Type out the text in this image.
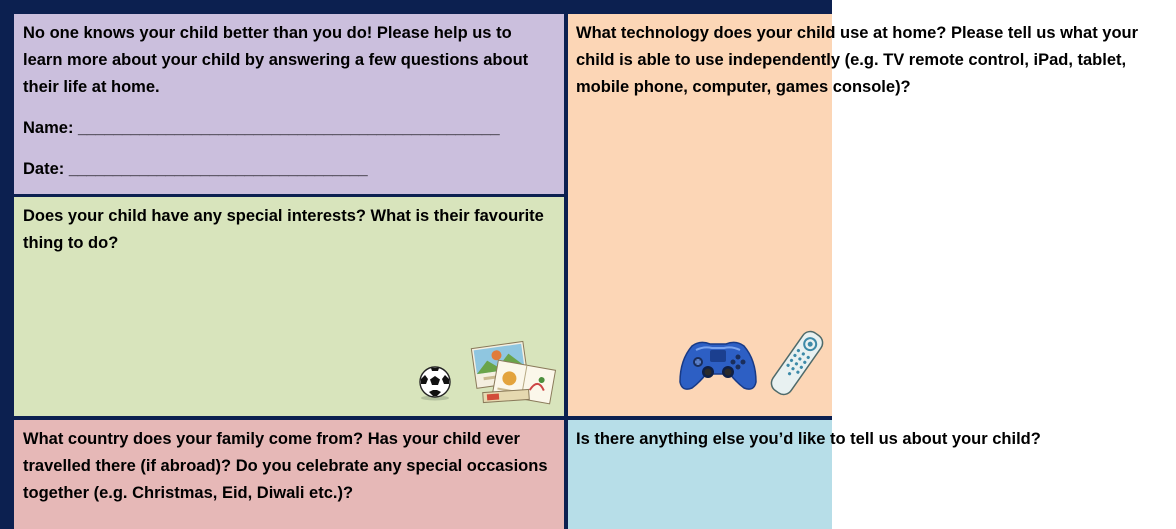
No one knows your child better than you do! Please help us to learn more about your child by answering a few questions about their life at home.
Name: ________________________________________________
Date: __________________________________
What technology does your child use at home? Please tell us what your child is able to use independently (e.g. TV remote control, iPad, tablet, mobile phone, computer, games console)?
Does your child have any special interests? What is their favourite thing to do?
What country does your family come from? Has your child ever travelled there (if abroad)? Do you celebrate any special occasions together (e.g. Christmas, Eid, Diwali etc.)?
Is there anything else you’d like to tell us about your child?
